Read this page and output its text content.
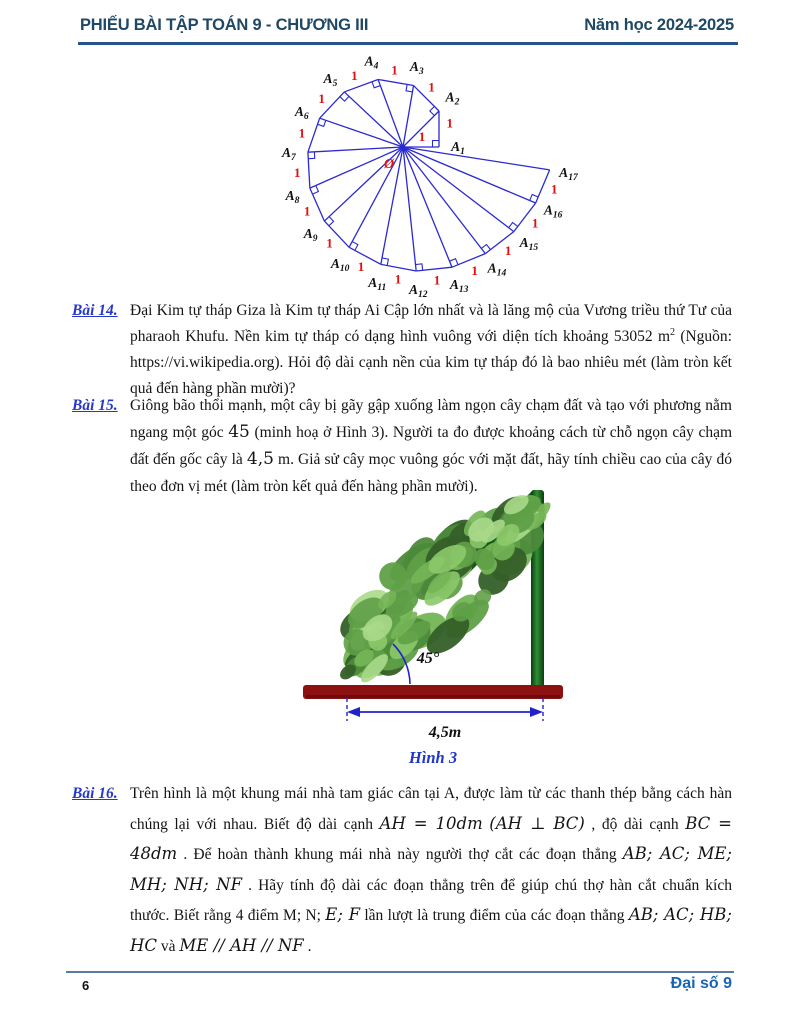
PHIẾU BÀI TẬP TOÁN 9 - CHƯƠNG III	Năm học 2024-2025
1
1
1
1
1
1
1
1
1
1
1 1
1
1
1
1
1
Ø
$A_1$
$A_2$
$A_3$
$A_4$
$A_5$
$A_6$
$A_7$
$A_8$
$A_9$
$A_{10}$
$A_{11}$ $A_{12}$
$A_{13}$
$A_{14}$
$A_{15}$
$A_{16}$
$A_{17}$
Bài 14. Đại Kim tự tháp Giza là Kim tự tháp Ai Cập lớn nhất và là lăng mộ của Vương triều thứ Tư của pharaoh Khufu. Nền kim tự tháp có dạng hình vuông với diện tích khoảng 53052 $m^2$ (Nguồn: https://vi.wikipedia.org). Hỏi độ dài cạnh nền của kim tự tháp đó là bao nhiêu mét (làm tròn kết quả đến hàng phần mười)?

Bài 15. Giông bão thổi mạnh, một cây bị gãy gập xuống làm ngọn cây chạm đất và tạo với phương nằm ngang một góc 45 (minh hoạ ở Hình 3). Người ta đo được khoảng cách từ chỗ ngọn cây chạm đất đến gốc cây là 4,5 m. Giả sử cây mọc vuông góc với mặt đất, hãy tính chiều cao của cây đó theo đơn vị mét (làm tròn kết quả đến hàng phần mười).

45°
4,5m
Hình 3
Bài 16. Trên hình là một khung mái nhà tam giác cân tại A, được làm từ các thanh thép bằng cách hàn chúng lại với nhau. Biết độ dài cạnh AH = 10dm (AH ⊥ BC) , độ dài cạnh BC = 48dm . Để hoàn thành khung mái nhà này người thợ cắt các đoạn thẳng AB; AC; ME; MH; NH; NF . Hãy tính độ dài các đoạn thẳng trên để giúp chú thợ hàn cắt chuẩn kích thước. Biết rằng 4 điểm M; N; E; F lần lượt là trung điểm của các đoạn thẳng AB; AC; HB; HC và ME // AH // NF .

6	Đại số 9
